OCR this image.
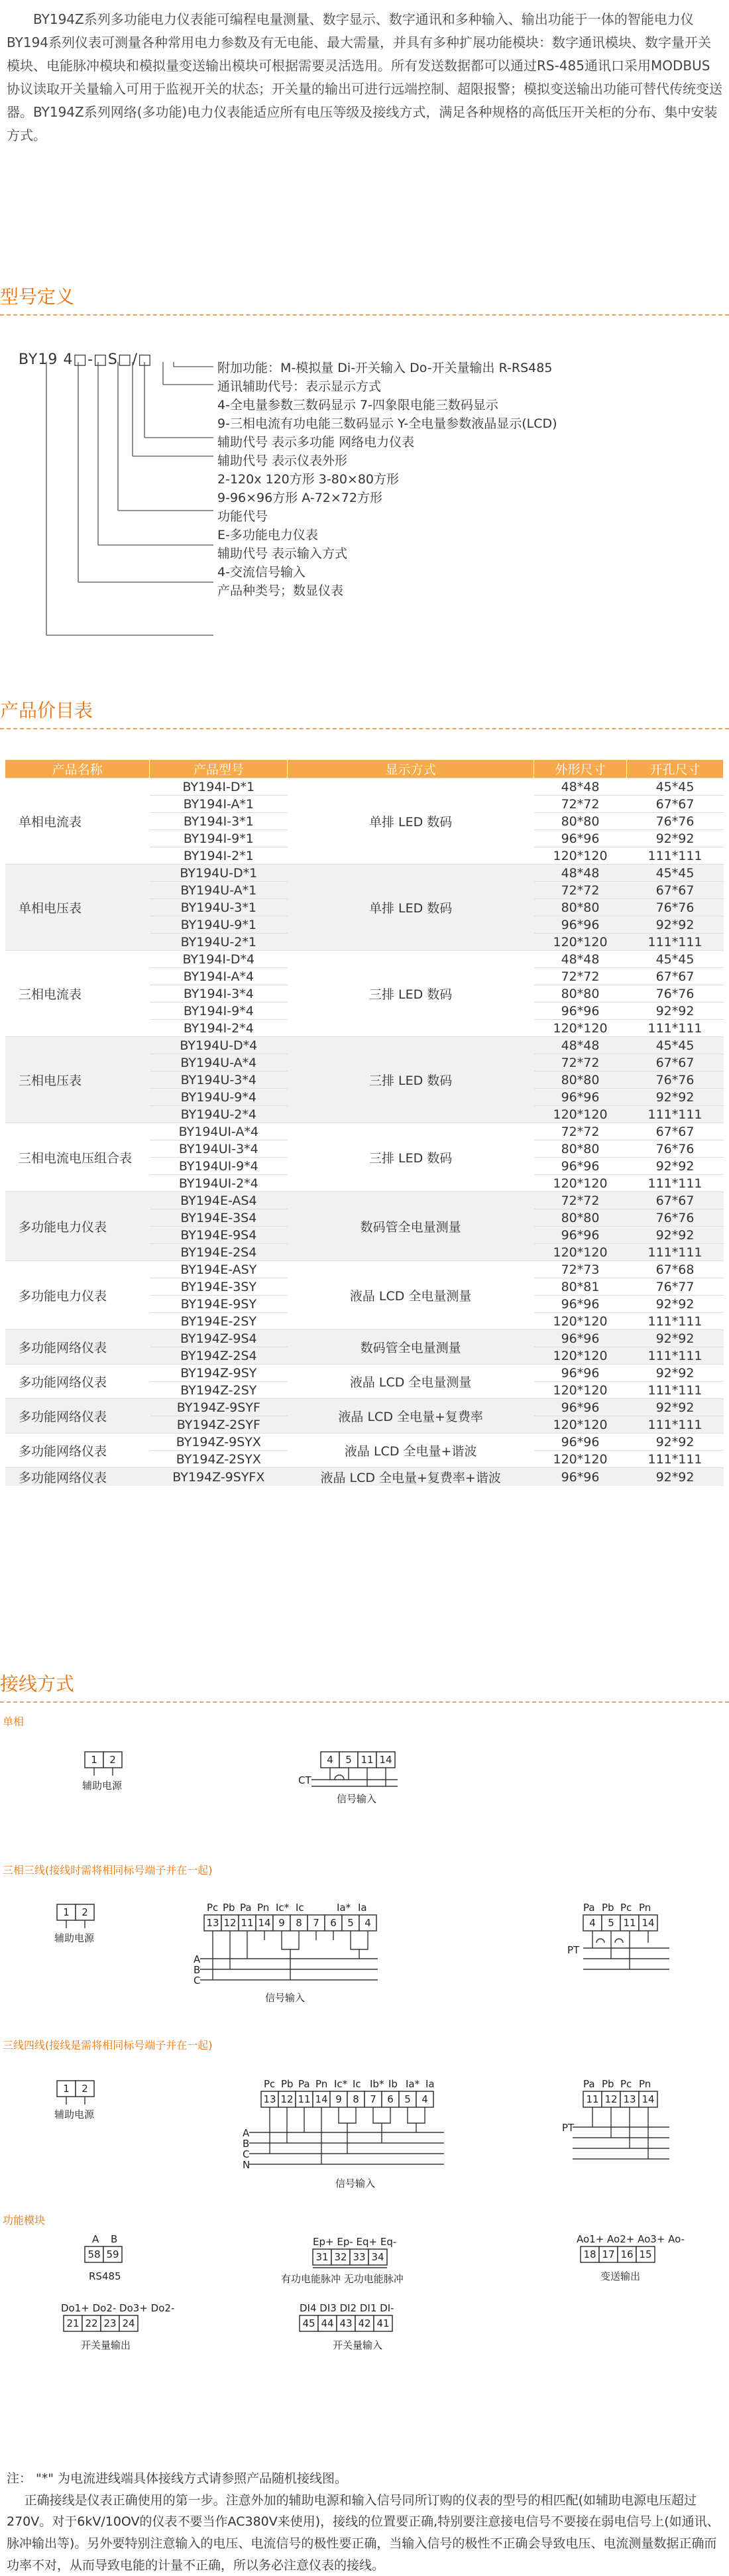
BY194Z系列多功能电力仪表能可编程电量测量、数字显示、数字通讯和多种输入、输出功能于一体的智能电力仪BY194系列仪表可测量各种常用电力参数及有无电能、最大需量，并具有多种扩展功能模块：数字通讯模块、数字量开关模块、电能脉冲模块和模拟量变送输出模块可根据需要灵活选用。所有发送数据都可以通过RS-485通讯口采用MODBUS协议读取开关量输入可用于监视开关的状态；开关量的输出可进行远端控制、超限报警；模拟变送输出功能可替代传统变送器。BY194Z系列网络(多功能)电力仪表能适应所有电压等级及接线方式，满足各种规格的高低压开关柜的分布、集中安装方式。
型号定义
BY19 4□-□S□/□	附加功能：M-模拟量 Di-开关输入 Do-开关量输出 R-RS485
通讯辅助代号：表示显示方式
4-全电量参数三数码显示 7-四象限电能三数码显示
9-三相电流有功电能三数码显示 Y-全电量参数液晶显示(LCD)
辅助代号 表示多功能 网络电力仪表
辅助代号 表示仪表外形
2-120x 120方形 3-80×80方形
9-96×96方形 A-72×72方形
功能代号
E-多功能电力仪表
辅助代号 表示输入方式
4-交流信号输入
产品种类号；数显仪表
产品价目表
产品名称	产品型号	显示方式	外形尺寸	开孔尺寸
单相电流表	BY194I-D*1	单排 LED 数码	48*48	45*45
	BY194I-A*1		72*72	67*67
	BY194I-3*1		80*80	76*76
	BY194I-9*1		96*96	92*92
	BY194I-2*1		120*120	111*111
单相电压表	BY194U-D*1	单排 LED 数码	48*48	45*45
	BY194U-A*1		72*72	67*67
	BY194U-3*1		80*80	76*76
	BY194U-9*1		96*96	92*92
	BY194U-2*1		120*120	111*111
三相电流表	BY194I-D*4	三排 LED 数码	48*48	45*45
	BY194I-A*4		72*72	67*67
	BY194I-3*4		80*80	76*76
	BY194I-9*4		96*96	92*92
	BY194I-2*4		120*120	111*111
三相电压表	BY194U-D*4	三排 LED 数码	48*48	45*45
	BY194U-A*4		72*72	67*67
	BY194U-3*4		80*80	76*76
	BY194U-9*4		96*96	92*92
	BY194U-2*4		120*120	111*111
三相电流电压组合表	BY194UI-A*4	三排 LED 数码	72*72	67*67
	BY194UI-3*4		80*80	76*76
	BY194UI-9*4		96*96	92*92
	BY194UI-2*4		120*120	111*111
多功能电力仪表	BY194E-AS4	数码管全电量测量	72*72	67*67
	BY194E-3S4		80*80	76*76
	BY194E-9S4		96*96	92*92
	BY194E-2S4		120*120	111*111
多功能电力仪表	BY194E-ASY	液晶 LCD 全电量测量	72*73	67*68
	BY194E-3SY		80*81	76*77
	BY194E-9SY		96*96	92*92
	BY194E-2SY		120*120	111*111
多功能网络仪表	BY194Z-9S4	数码管全电量测量	96*96	92*92
	BY194Z-2S4		120*120	111*111
多功能网络仪表	BY194Z-9SY	液晶 LCD 全电量测量	96*96	92*92
	BY194Z-2SY		120*120	111*111
多功能网络仪表	BY194Z-9SYF	液晶 LCD 全电量+复费率	96*96	92*92
	BY194Z-2SYF		120*120	111*111
多功能网络仪表	BY194Z-9SYX	液晶 LCD 全电量+谐波	96*96	92*92
	BY194Z-2SYX		120*120	111*111
多功能网络仪表	BY194Z-9SYFX	液晶 LCD 全电量+复费率+谐波	96*96	92*92
接线方式
单相
1 2
辅助电源
4 5 11 14
CT
信号输入
三相三线(接线时需将相同标号端子并在一起)
1 2
辅助电源
13 12 11 14 9 8 7 6 5 4
Pc Pb Pa Pn Ic* Ic	Ia* Ia
A
B
C
信号输入
4 5 11 14
Pa Pb Pc Pn
PT
三线四线(接线是需将相同标号端子并在一起)
1 2
辅助电源
13 12 11 14 9 8 7 6 5 4
Pc Pb Pa Pn Ic* Ic Ib* Ib Ia* Ia
A
B
C
N
信号输入
11 12 13 14
Pa Pb Pc Pn
PT
功能模块
58 59	31 32 33 34	18 17 16 15
21 22 23 24	45 44 43 42 41
A B
RS485
Ep+ Ep- Eq+ Eq-
有功电能脉冲 无功电能脉冲
Ao1+ Ao2+ Ao3+ Ao-
变送输出
Do1+ Do2- Do3+ Do2-
开关量输出
DI4 DI3 DI2 DI1 DI-
开关量输入
注： "*" 为电流进线端具体接线方式请参照产品随机接线图。
正确接线是仪表正确使用的第一步。注意外加的辅助电源和输入信号同所订购的仪表的型号的相匹配(如辅助电源电压超过270V。对于6kV/10OV的仪表不要当作AC380V来使用)，接线的位置要正确,特别要注意接电信号不要接在弱电信号上(如通讯、脉冲输出等)。另外要特别注意输入的电压、电流信号的极性要正确，当输入信号的极性不正确会导致电压、电流测量数据正确而功率不对，从而导致电能的计量不正确，所以务必注意仪表的接线。
